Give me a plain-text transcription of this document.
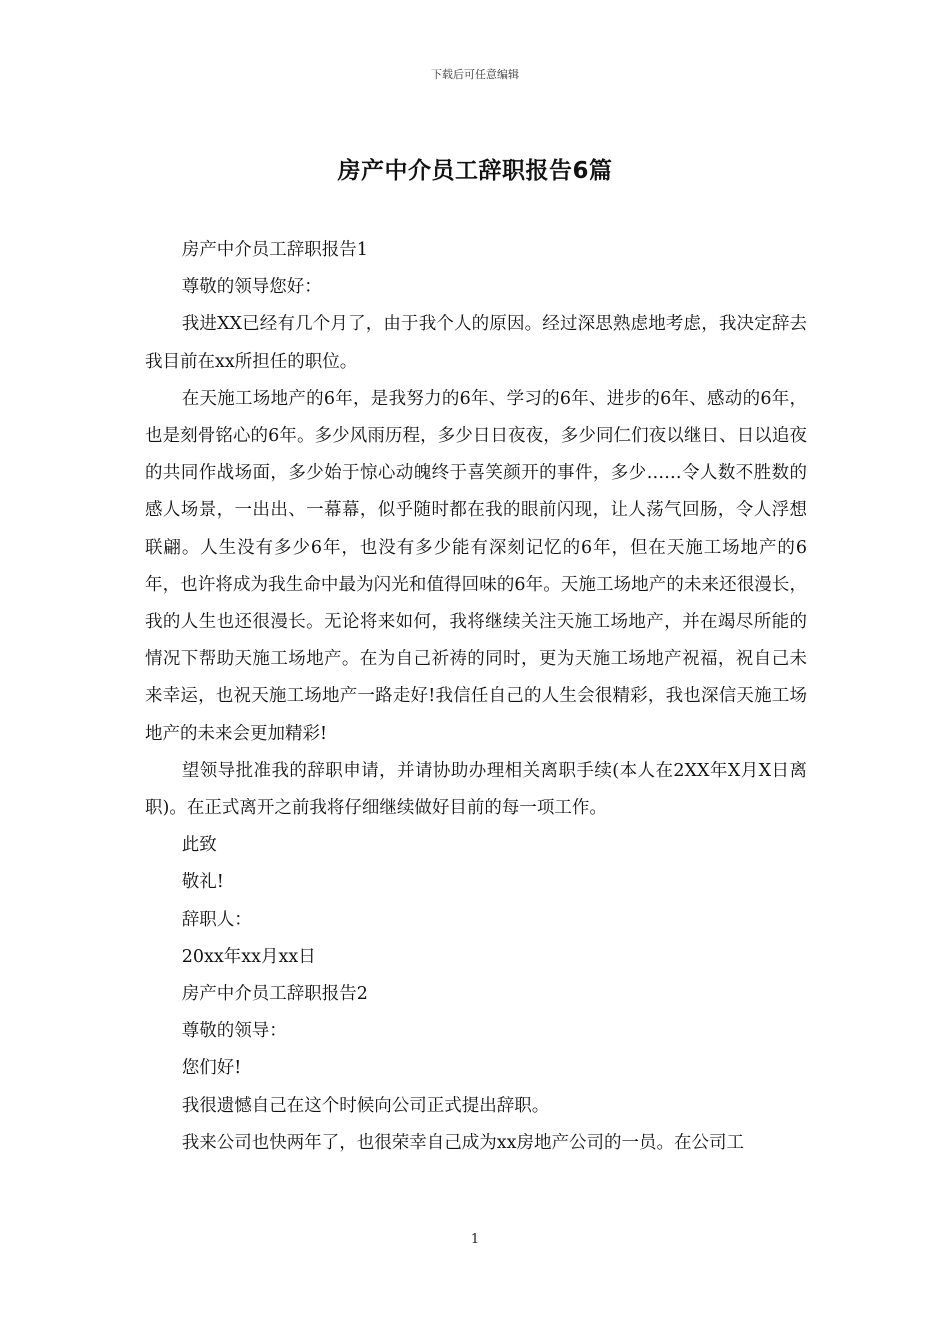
下载后可任意编辑
房产中介员工辞职报告6篇

房产中介员工辞职报告1

尊敬的领导您好：

我进XX已经有几个月了，由于我个人的原因。经过深思熟虑地考虑，我决定辞去我目前在xx所担任的职位。

在天施工场地产的6年，是我努力的6年、学习的6年、进步的6年、感动的6年，也是刻骨铭心的6年。多少风雨历程，多少日日夜夜，多少同仁们夜以继日、日以追夜的共同作战场面，多少始于惊心动魄终于喜笑颜开的事件，多少……令人数不胜数的感人场景，一出出、一幕幕，似乎随时都在我的眼前闪现，让人荡气回肠，令人浮想联翩。人生没有多少6年，也没有多少能有深刻记忆的6年，但在天施工场地产的6年，也许将成为我生命中最为闪光和值得回味的6年。天施工场地产的未来还很漫长，我的人生也还很漫长。无论将来如何，我将继续关注天施工场地产，并在竭尽所能的情况下帮助天施工场地产。在为自己祈祷的同时，更为天施工场地产祝福，祝自己未来幸运，也祝天施工场地产一路走好!我信任自己的人生会很精彩，我也深信天施工场地产的未来会更加精彩!

望领导批准我的辞职申请，并请协助办理相关离职手续(本人在2XX年X月X日离职)。在正式离开之前我将仔细继续做好目前的每一项工作。

此致

敬礼!

辞职人：

20xx年xx月xx日

房产中介员工辞职报告2

尊敬的领导：

您们好!

我很遗憾自己在这个时候向公司正式提出辞职。

我来公司也快两年了，也很荣幸自己成为xx房地产公司的一员。在公司工

1
